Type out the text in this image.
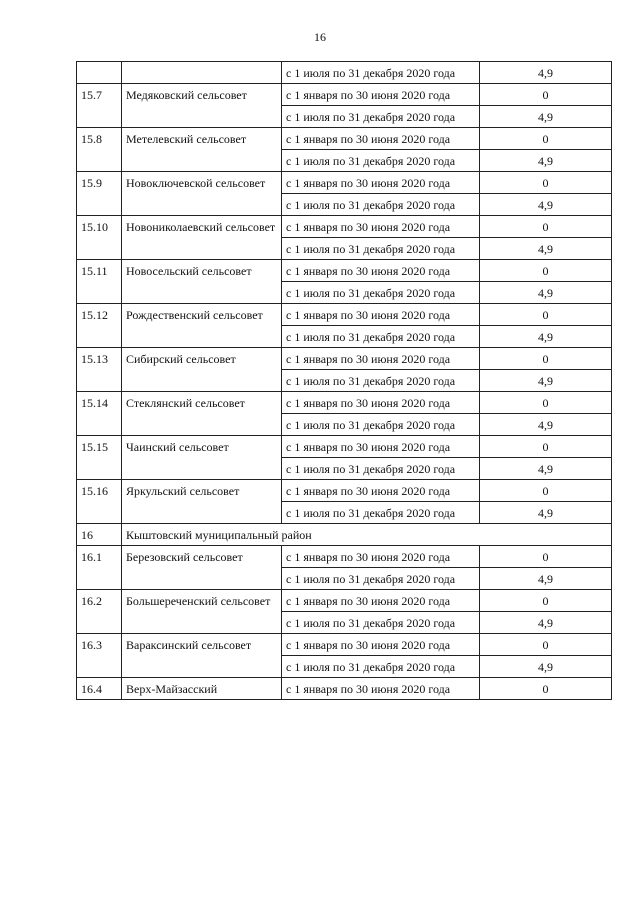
16
		с 1 июля по 31 декабря 2020 года	4,9
15.7	Медяковский сельсовет	с 1 января по 30 июня 2020 года	0
		с 1 июля по 31 декабря 2020 года	4,9
15.8	Метелевский сельсовет	с 1 января по 30 июня 2020 года	0
		с 1 июля по 31 декабря 2020 года	4,9
15.9	Новоключевской сельсовет	с 1 января по 30 июня 2020 года	0
		с 1 июля по 31 декабря 2020 года	4,9
15.10	Новониколаевский сельсовет	с 1 января по 30 июня 2020 года	0
		с 1 июля по 31 декабря 2020 года	4,9
15.11	Новосельский сельсовет	с 1 января по 30 июня 2020 года	0
		с 1 июля по 31 декабря 2020 года	4,9
15.12	Рождественский сельсовет	с 1 января по 30 июня 2020 года	0
		с 1 июля по 31 декабря 2020 года	4,9
15.13	Сибирский сельсовет	с 1 января по 30 июня 2020 года	0
		с 1 июля по 31 декабря 2020 года	4,9
15.14	Стеклянский сельсовет	с 1 января по 30 июня 2020 года	0
		с 1 июля по 31 декабря 2020 года	4,9
15.15	Чаинский сельсовет	с 1 января по 30 июня 2020 года	0
		с 1 июля по 31 декабря 2020 года	4,9
15.16	Яркульский сельсовет	с 1 января по 30 июня 2020 года	0
		с 1 июля по 31 декабря 2020 года	4,9
16	Кыштовский муниципальный район		
16.1	Березовский сельсовет	с 1 января по 30 июня 2020 года	0
		с 1 июля по 31 декабря 2020 года	4,9
16.2	Большереченский сельсовет	с 1 января по 30 июня 2020 года	0
		с 1 июля по 31 декабря 2020 года	4,9
16.3	Вараксинский сельсовет	с 1 января по 30 июня 2020 года	0
		с 1 июля по 31 декабря 2020 года	4,9
16.4	Верх-Майзасский	с 1 января по 30 июня 2020 года	0
